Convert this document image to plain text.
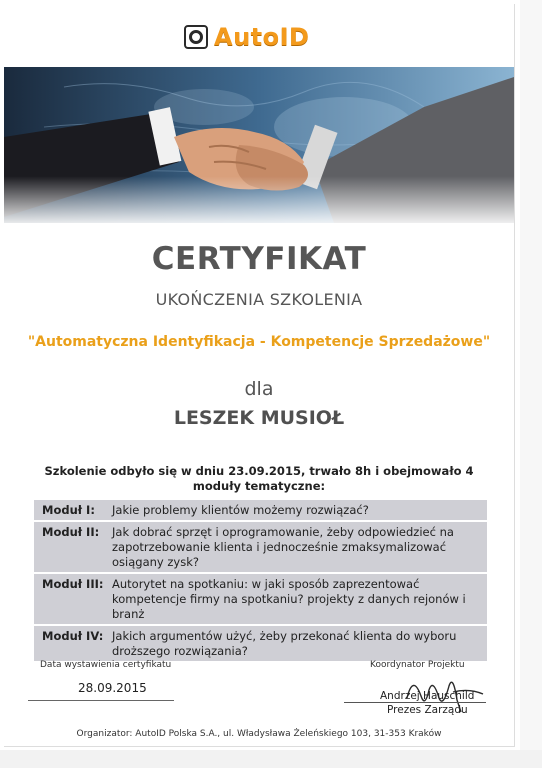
AutoID
CERTYFIKAT
UKOŃCZENIA SZKOLENIA
"Automatyczna Identyfikacja - Kompetencje Sprzedażowe"
dla
LESZEK MUSIOŁ
Szkolenie odbyło się w dniu 23.09.2015, trwało 8h i obejmowało 4 moduły tematyczne:
Moduł I:	Jakie problemy klientów możemy rozwiązać?
Moduł II:	Jak dobrać sprzęt i oprogramowanie, żeby odpowiedzieć na zapotrzebowanie klienta i jednocześnie zmaksymalizować osiągany zysk?
Moduł III: Autorytet na spotkaniu: w jaki sposób zaprezentować kompetencje firmy na spotkaniu? projekty z danych rejonów i branż
Moduł IV: Jakich argumentów użyć, żeby przekonać klienta do wyboru droższego rozwiązania?
Data wystawienia certyfikatu
28.09.2015
Koordynator Projektu
Andrzej Hauschild
Prezes Zarządu
Organizator: AutoID Polska S.A., ul. Władysława Żeleńskiego 103, 31-353 Kraków
